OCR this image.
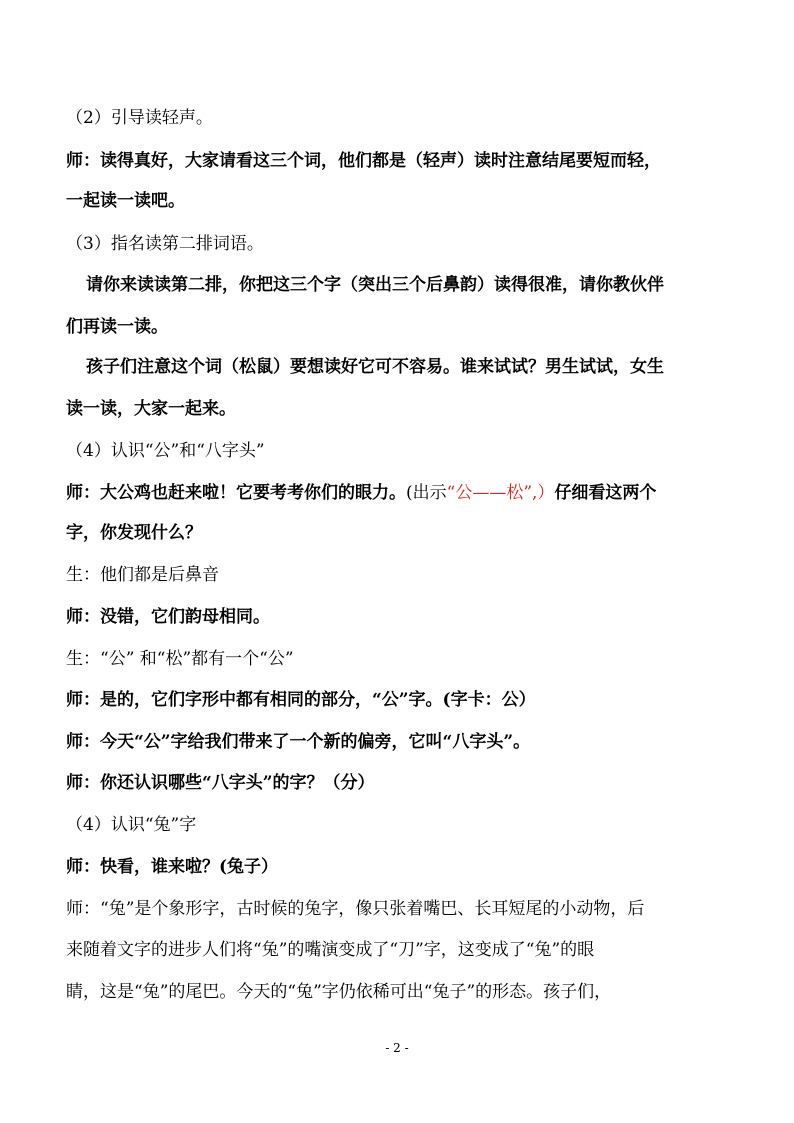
（2）引导读轻声。
师：读得真好，大家请看这三个词，他们都是（轻声）读时注意结尾要短而轻，
一起读一读吧。
（3）指名读第二排词语。
请你来读读第二排，你把这三个字（突出三个后鼻韵）读得很准，请你教伙伴
们再读一读。
孩子们注意这个词（松鼠）要想读好它可不容易。谁来试试？男生试试，女生
读一读，大家一起来。
（4）认识“公”和“八字头”
师：大公鸡也赶来啦！它要考考你们的眼力。(出示“公——松”,）仔细看这两个
字，你发现什么？
生：他们都是后鼻音
师：没错，它们韵母相同。
生：“公” 和“松”都有一个“公”
师：是的，它们字形中都有相同的部分，“公”字。(字卡：公）
师：今天“公”字给我们带来了一个新的偏旁，它叫“八字头”。
师：你还认识哪些“八字头”的字？（分）
（4）认识“兔”字
师：快看，谁来啦？(兔子）
师：“兔”是个象形字，古时候的兔字，像只张着嘴巴、长耳短尾的小动物，后
来随着文字的进步人们将“兔”的嘴演变成了“刀”字，这变成了“兔”的眼
睛，这是“兔”的尾巴。今天的“兔”字仍依稀可出“兔子”的形态。孩子们，
- 2 -
